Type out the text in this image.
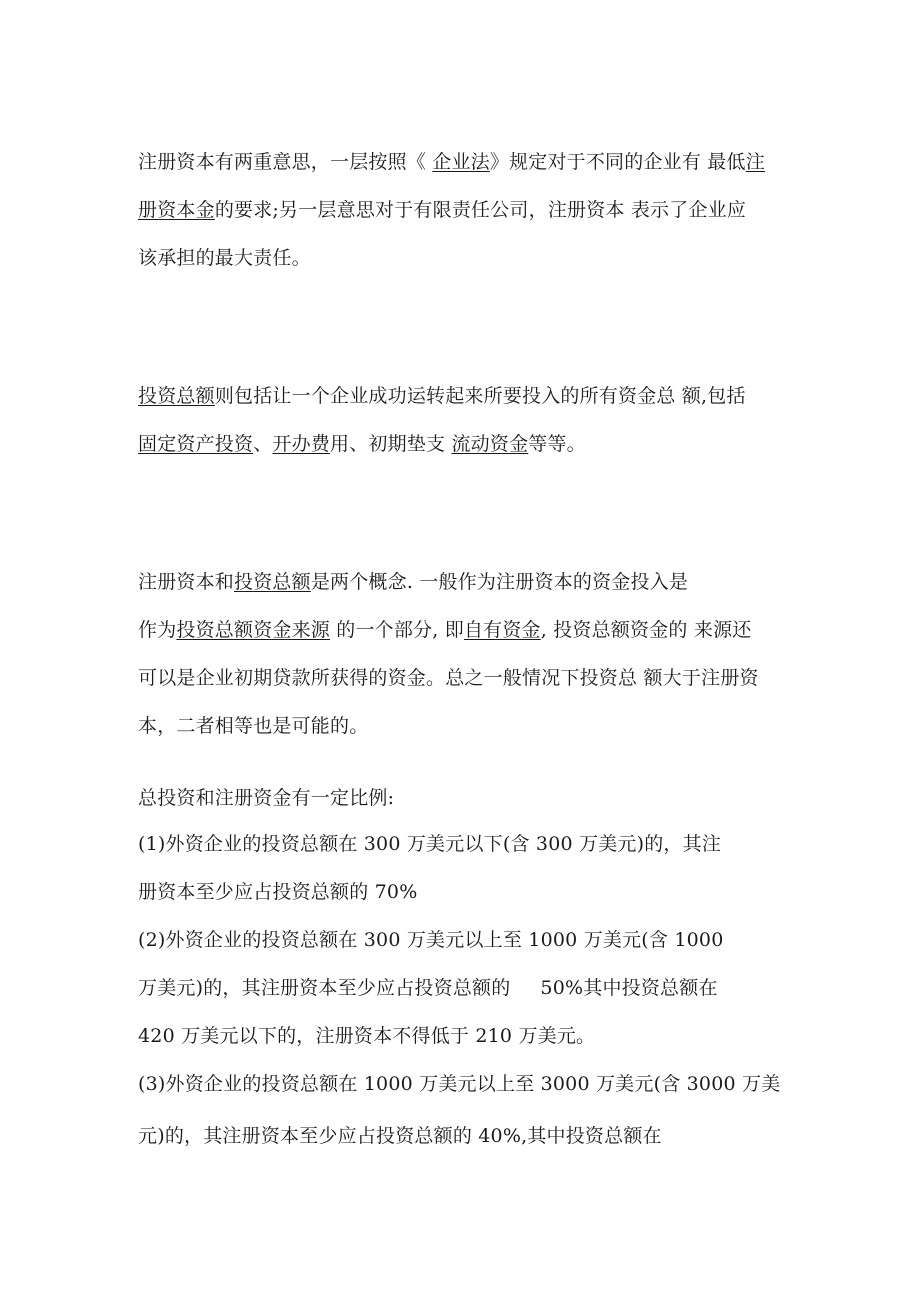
注册资本有两重意思，一层按照《 企业法》规定对于不同的企业有 最低注
册资本金的要求;另一层意思对于有限责任公司，注册资本 表示了企业应
该承担的最大责任。
投资总额则包括让一个企业成功运转起来所要投入的所有资金总 额,包括
固定资产投资、开办费用、初期垫支 流动资金等等。
注册资本和投资总额是两个概念. 一般作为注册资本的资金投入是
作为投资总额资金来源 的一个部分, 即自有资金, 投资总额资金的 来源还
可以是企业初期贷款所获得的资金。总之一般情况下投资总 额大于注册资
本，二者相等也是可能的。
总投资和注册资金有一定比例:
(1)外资企业的投资总额在 300 万美元以下(含 300 万美元)的，其注
册资本至少应占投资总额的 70%
(2)外资企业的投资总额在 300 万美元以上至 1000 万美元(含 1000
万美元)的，其注册资本至少应占投资总额的 50%其中投资总额在
420 万美元以下的，注册资本不得低于 210 万美元。
(3)外资企业的投资总额在 1000 万美元以上至 3000 万美元(含 3000 万美
元)的，其注册资本至少应占投资总额的 40%,其中投资总额在
